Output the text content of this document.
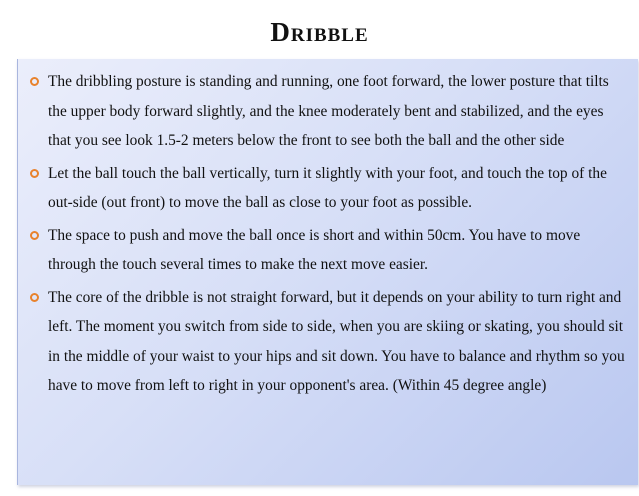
Dribble
The dribbling posture is standing and running, one foot forward, the lower posture that tilts the upper body forward slightly, and the knee moderately bent and stabilized, and the eyes that you see look 1.5-2 meters below the front to see both the ball and the other side
Let the ball touch the ball vertically, turn it slightly with your foot, and touch the top of the out-side (out front) to move the ball as close to your foot as possible.
The space to push and move the ball once is short and within 50cm. You have to move through the touch several times to make the next move easier.
The core of the dribble is not straight forward, but it depends on your ability to turn right and left. The moment you switch from side to side, when you are skiing or skating, you should sit in the middle of your waist to your hips and sit down. You have to balance and rhythm so you have to move from left to right in your opponent's area. (Within 45 degree angle)
